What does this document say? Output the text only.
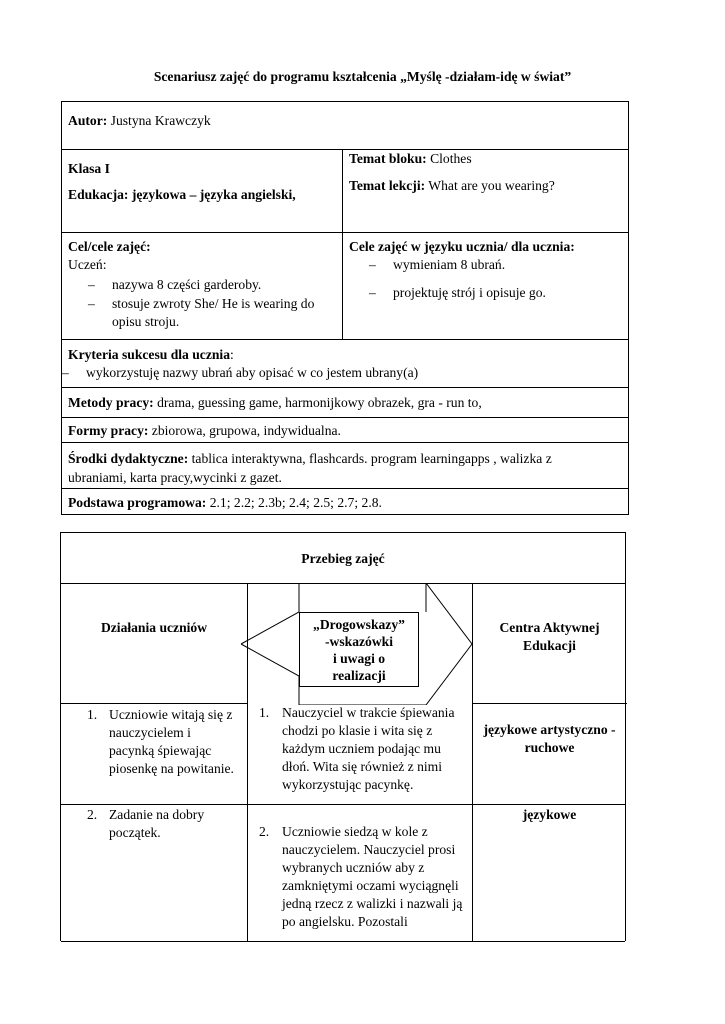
Scenariusz zajęć do programu kształcenia „Myślę -działam-idę w świat”
Autor: Justyna Krawczyk
Klasa I
Edukacja: językowa – języka angielski,
Temat bloku: Clothes
Temat lekcji: What are you wearing?
Cel/cele zajęć:
Uczeń:
– nazywa 8 części garderoby.
– stosuje zwroty She/ He is wearing do opisu stroju.
Cele zajęć w języku ucznia/ dla ucznia:
– wymieniam 8 ubrań.
– projektuję strój i opisuje go.
Kryteria sukcesu dla ucznia:
– wykorzystuję nazwy ubrań aby opisać w co jestem ubrany(a)
Metody pracy: drama, guessing game, harmonijkowy obrazek, gra - run to,
Formy pracy: zbiorowa, grupowa, indywidualna.
Środki dydaktyczne: tablica interaktywna, flashcards. program learningapps , walizka z ubraniami, karta pracy,wycinki z gazet.
Podstawa programowa: 2.1; 2.2; 2.3b; 2.4; 2.5; 2.7; 2.8.
Przebieg zajęć
Działania uczniów	Centra Aktywnej Edukacji
1. Uczniowie witają się z nauczycielem i pacynką śpiewając piosenkę na powitanie.
1. Nauczyciel w trakcie śpiewania chodzi po klasie i wita się z każdym uczniem podając mu dłoń. Wita się również z nimi wykorzystując pacynkę.
językowe artystyczno - ruchowe
2. Zadanie na dobry początek.	2. Uczniowie siedzą w kole z nauczycielem. Nauczyciel prosi wybranych uczniów aby z zamkniętymi oczami wyciągnęli jedną rzecz z walizki i nazwali ją po angielsku. Pozostali
językowe
„Drogowskazy”
-wskazówki
i uwagi o
realizacji
